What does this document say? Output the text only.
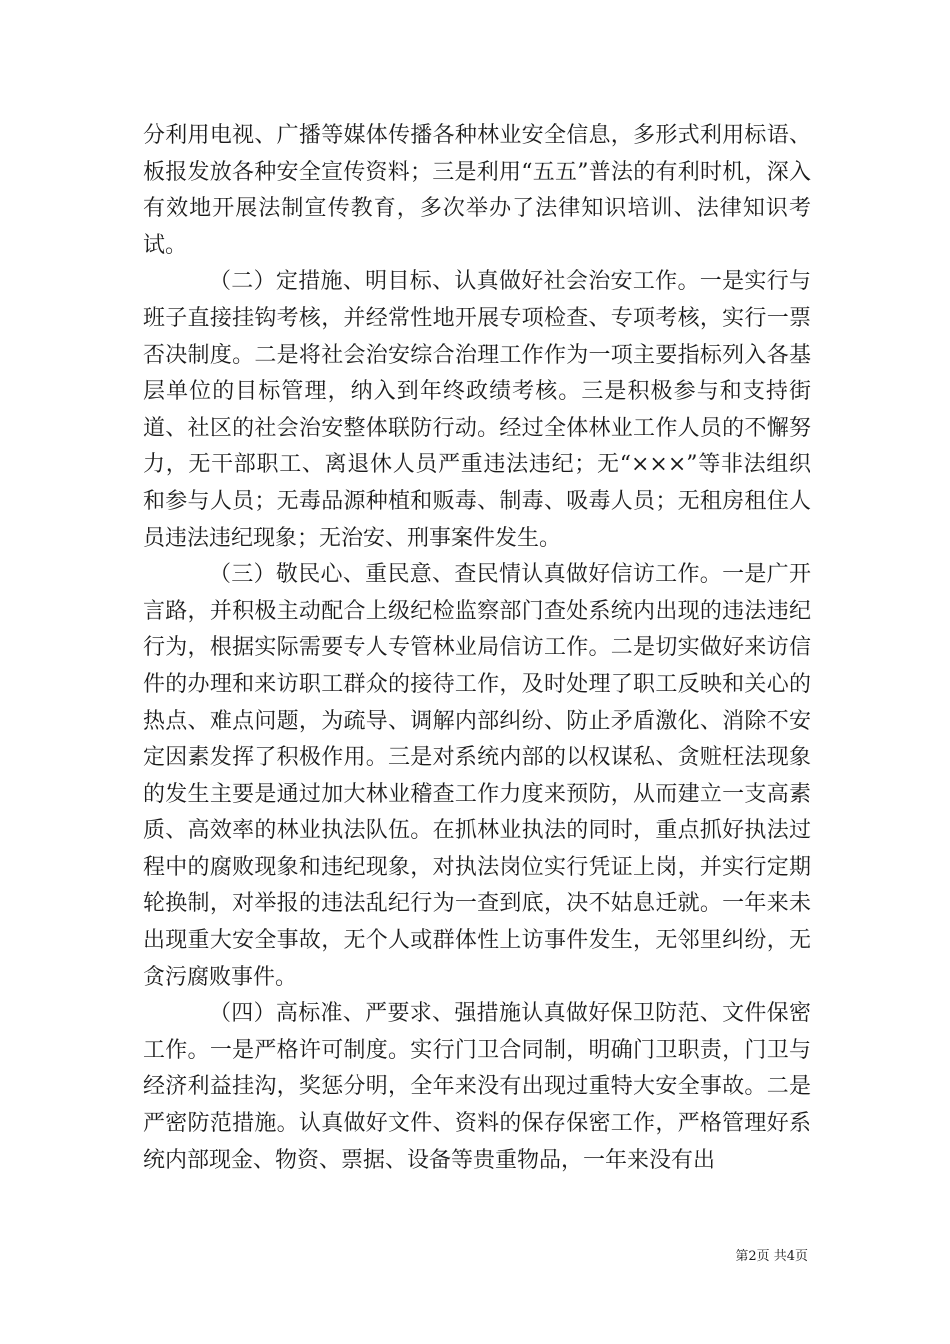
分利用电视、广播等媒体传播各种林业安全信息，多形式利用标语、板报发放各种安全宣传资料；三是利用“五五”普法的有利时机，深入有效地开展法制宣传教育，多次举办了法律知识培训、法律知识考试。

（二）定措施、明目标、认真做好社会治安工作。一是实行与班子直接挂钩考核，并经常性地开展专项检查、专项考核，实行一票否决制度。二是将社会治安综合治理工作作为一项主要指标列入各基层单位的目标管理，纳入到年终政绩考核。三是积极参与和支持街道、社区的社会治安整体联防行动。经过全体林业工作人员的不懈努力，无干部职工、离退休人员严重违法违纪；无“×××”等非法组织和参与人员；无毒品源种植和贩毒、制毒、吸毒人员；无租房租住人员违法违纪现象；无治安、刑事案件发生。

（三）敬民心、重民意、查民情认真做好信访工作。一是广开言路，并积极主动配合上级纪检监察部门查处系统内出现的违法违纪行为，根据实际需要专人专管林业局信访工作。二是切实做好来访信件的办理和来访职工群众的接待工作，及时处理了职工反映和关心的热点、难点问题，为疏导、调解内部纠纷、防止矛盾激化、消除不安定因素发挥了积极作用。三是对系统内部的以权谋私、贪赃枉法现象的发生主要是通过加大林业稽查工作力度来预防，从而建立一支高素质、高效率的林业执法队伍。在抓林业执法的同时，重点抓好执法过程中的腐败现象和违纪现象，对执法岗位实行凭证上岗，并实行定期轮换制，对举报的违法乱纪行为一查到底，决不姑息迁就。一年来未出现重大安全事故，无个人或群体性上访事件发生，无邻里纠纷，无贪污腐败事件。

（四）高标准、严要求、强措施认真做好保卫防范、文件保密工作。一是严格许可制度。实行门卫合同制，明确门卫职责，门卫与经济利益挂沟，奖惩分明，全年来没有出现过重特大安全事故。二是严密防范措施。认真做好文件、资料的保存保密工作，严格管理好系统内部现金、物资、票据、设备等贵重物品，一年来没有出

第2页 共4页
